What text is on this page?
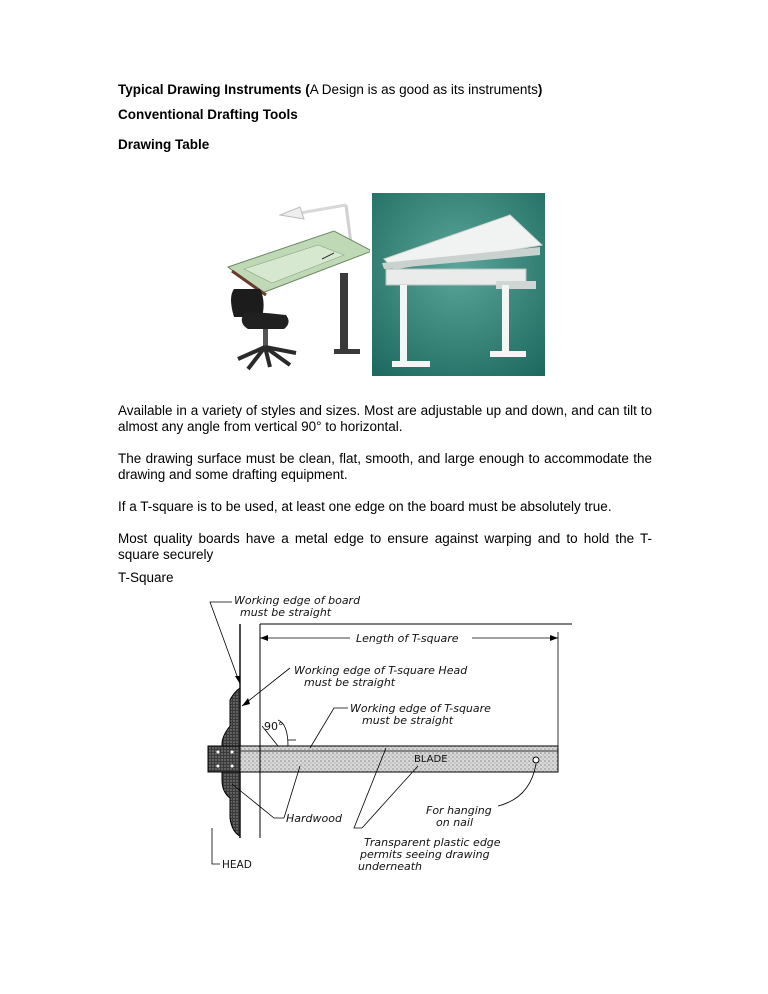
Typical Drawing Instruments (A Design is as good as its instruments)
Conventional Drafting Tools
Drawing Table
Available in a variety of styles and sizes. Most are adjustable up and down, and can tilt to almost any angle from vertical 90° to horizontal.
The drawing surface must be clean, flat, smooth, and large enough to accommodate the drawing and some drafting equipment.
If a T-square is to be used, at least one edge on the board must be absolutely true.
Most quality boards have a metal edge to ensure against warping and to hold the T-square securely
T-Square
Working edge of board
must be straight
Length of T-square
Working edge of T-square Head
must be straight
Working edge of T-square
must be straight
90°
BLADE
For hanging
on nail
Hardwood
Transparent plastic edge
permits seeing drawing
underneath
HEAD
